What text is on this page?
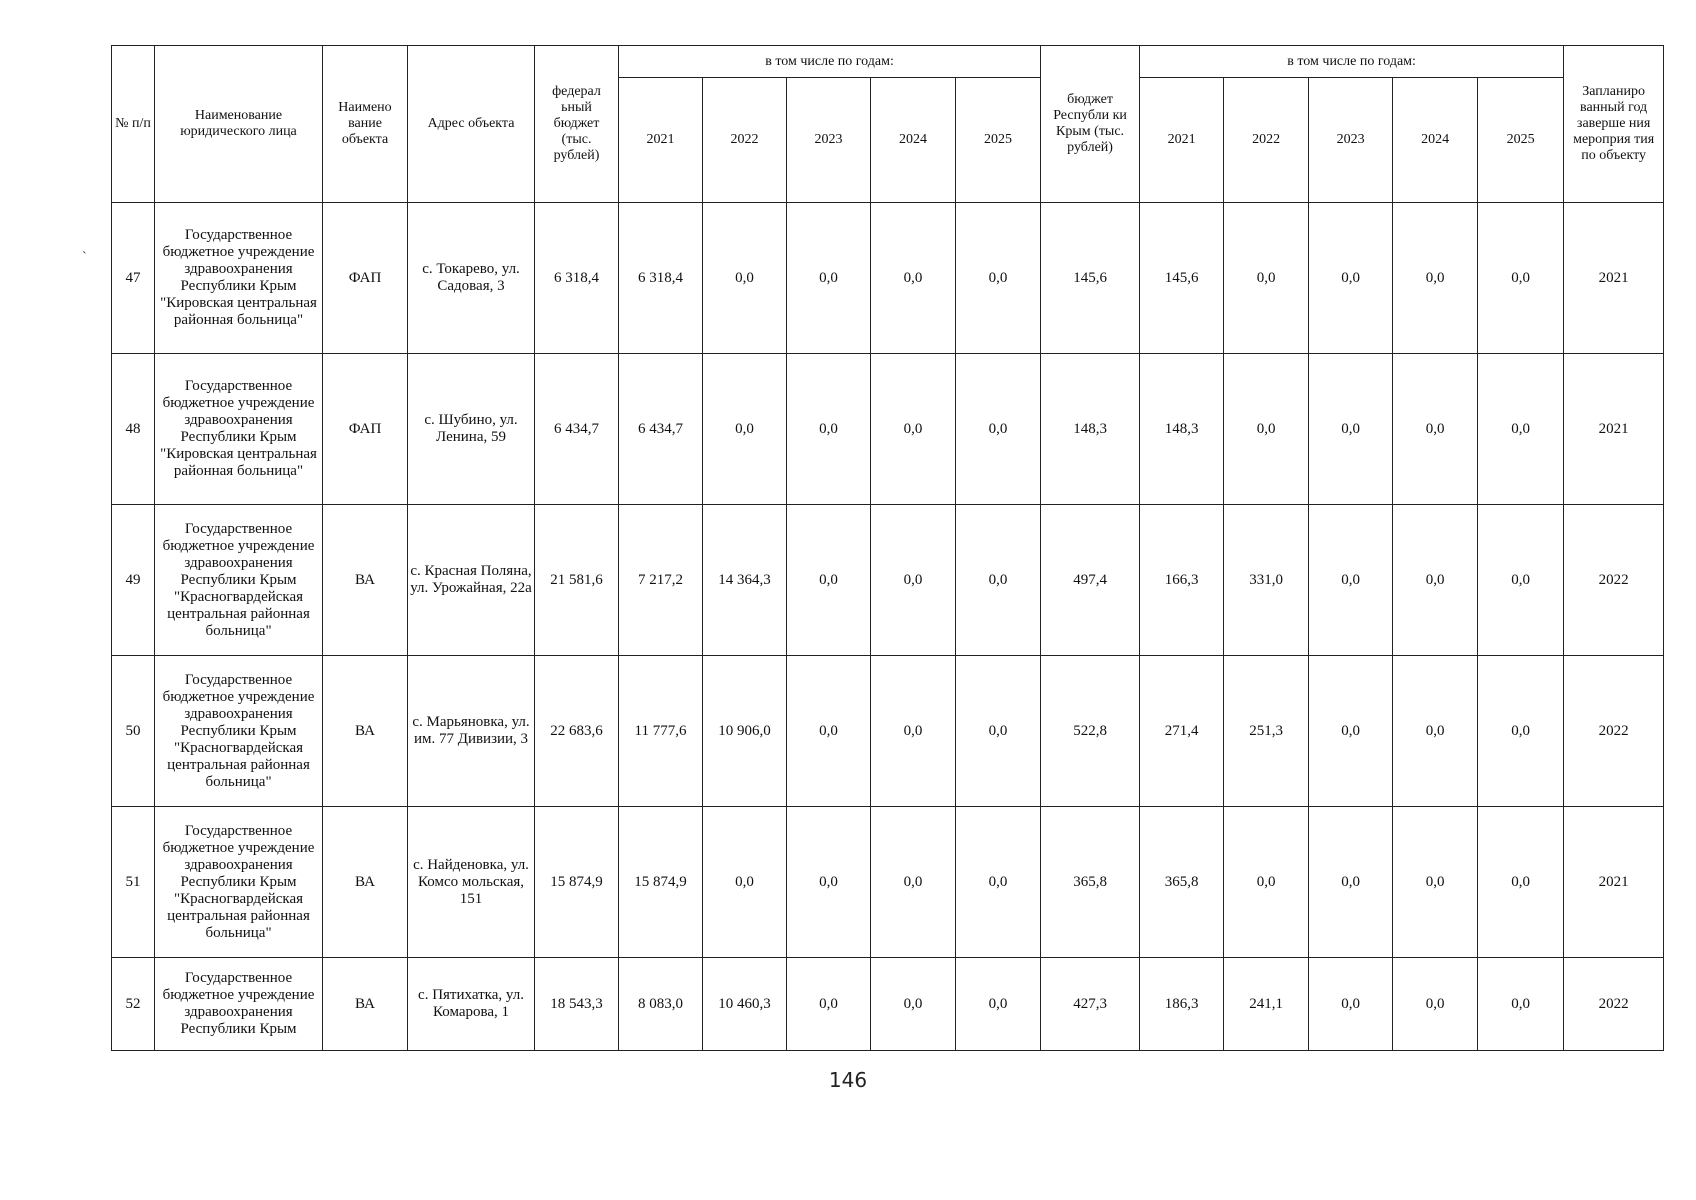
`
№ п/п	Наименование юридического лица	Наимено вание объекта	Адрес объекта	федерал ьный бюджет (тыс. рублей)	в том числе по годам:					бюджет Республи ки Крым (тыс. рублей)	в том числе по годам:					Запланиро ванный год заверше ния мероприя тия по объекту
					2021	2022	2023	2024	2025		2021	2022	2023	2024	2025	
47	Государственное бюджетное учреждение здравоохранения Республики Крым "Кировская центральная районная больница"	ФАП	с. Токарево, ул. Садовая, 3	6 318,4	6 318,4	0,0	0,0	0,0	0,0	145,6	145,6	0,0	0,0	0,0	0,0	2021
48	Государственное бюджетное учреждение здравоохранения Республики Крым "Кировская центральная районная больница"	ФАП	с. Шубино, ул. Ленина, 59	6 434,7	6 434,7	0,0	0,0	0,0	0,0	148,3	148,3	0,0	0,0	0,0	0,0	2021
49	Государственное бюджетное учреждение здравоохранения Республики Крым "Красногвардейская центральная районная больница"	ВА	с. Красная Поляна, ул. Урожайная, 22а	21 581,6	7 217,2	14 364,3	0,0	0,0	0,0	497,4	166,3	331,0	0,0	0,0	0,0	2022
50	Государственное бюджетное учреждение здравоохранения Республики Крым "Красногвардейская центральная районная больница"	ВА	с. Марьяновка, ул. им. 77 Дивизии, 3	22 683,6	11 777,6	10 906,0	0,0	0,0	0,0	522,8	271,4	251,3	0,0	0,0	0,0	2022
51	Государственное бюджетное учреждение здравоохранения Республики Крым "Красногвардейская центральная районная больница"	ВА	с. Найденовка, ул. Комсо мольская, 151	15 874,9	15 874,9	0,0	0,0	0,0	0,0	365,8	365,8	0,0	0,0	0,0	0,0	2021
52	Государственное бюджетное учреждение здравоохранения Республики Крым	ВА	с. Пятихатка, ул. Комарова, 1	18 543,3	8 083,0	10 460,3	0,0	0,0	0,0	427,3	186,3	241,1	0,0	0,0	0,0	2022
146
